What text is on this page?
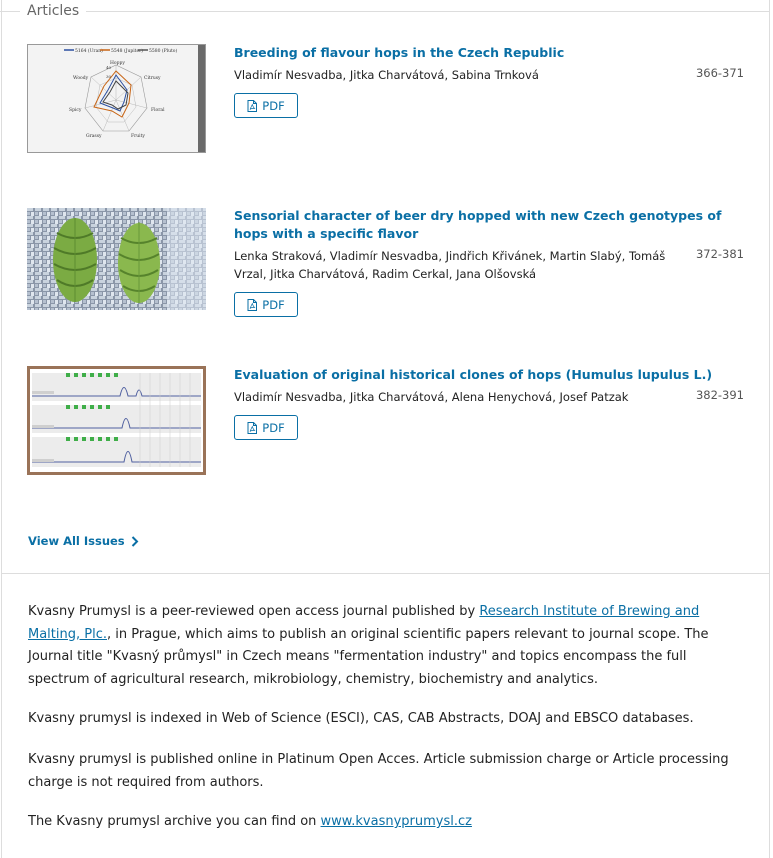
Articles
5164 (Uran) 5548 (Jupiter) 5580 (Pluto)
Hoppy
Citrusy
Floral
Fruity
Grassy
Spicy
Woody
40
30
Breeding of flavour hops in the Czech Republic
Vladimír Nesvadba, Jitka Charvátová, Sabina Trnková	366-371
PDF
Sensorial character of beer dry hopped with new Czech genotypes of hops with a specific flavor
Lenka Straková, Vladimír Nesvadba, Jindřich Křivánek, Martin Slabý, Tomáš Vrzal, Jitka Charvátová, Radim Cerkal, Jana Olšovská
372-381
PDF
Evaluation of original historical clones of hops (Humulus lupulus L.)
Vladimír Nesvadba, Jitka Charvátová, Alena Henychová, Josef Patzak	382-391
PDF
View All Issues
Kvasny Prumysl is a peer-reviewed open access journal published by Research Institute of Brewing and Malting, Plc., in Prague, which aims to publish an original scientific papers relevant to journal scope. The Journal title "Kvasný průmysl" in Czech means "fermentation industry" and topics encompass the full spectrum of agricultural research, mikrobiology, chemistry, biochemistry and analytics.
Kvasny prumysl is indexed in Web of Science (ESCI), CAS, CAB Abstracts, DOAJ and EBSCO databases.
Kvasny prumysl is published online in Platinum Open Acces. Article submission charge or Article processing charge is not required from authors.
The Kvasny prumysl archive you can find on www.kvasnyprumysl.cz
